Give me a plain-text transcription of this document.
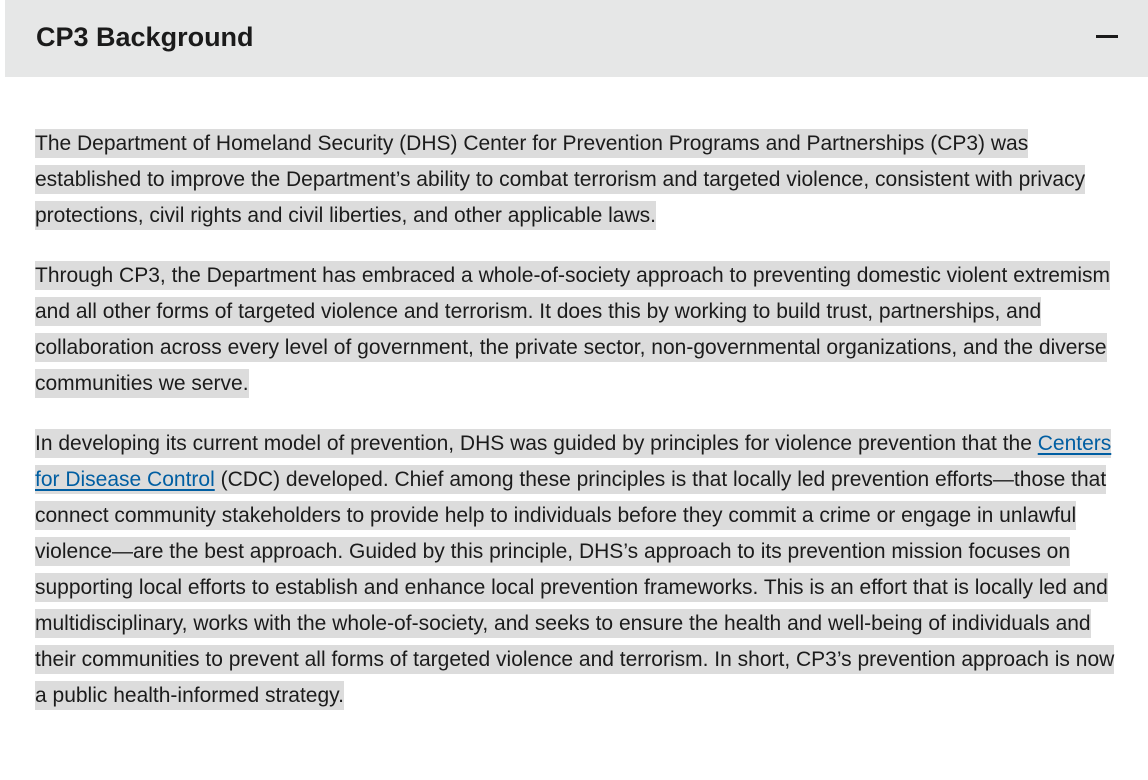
CP3 Background

The Department of Homeland Security (DHS) Center for Prevention Programs and Partnerships (CP3) was established to improve the Department’s ability to combat terrorism and targeted violence, consistent with privacy protections, civil rights and civil liberties, and other applicable laws.

Through CP3, the Department has embraced a whole-of-society approach to preventing domestic violent extremism and all other forms of targeted violence and terrorism. It does this by working to build trust, partnerships, and collaboration across every level of government, the private sector, non-governmental organizations, and the diverse communities we serve.

In developing its current model of prevention, DHS was guided by principles for violence prevention that the Centers for Disease Control (CDC) developed. Chief among these principles is that locally led prevention efforts—those that connect community stakeholders to provide help to individuals before they commit a crime or engage in unlawful violence—are the best approach. Guided by this principle, DHS’s approach to its prevention mission focuses on supporting local efforts to establish and enhance local prevention frameworks. This is an effort that is locally led and multidisciplinary, works with the whole-of-society, and seeks to ensure the health and well-being of individuals and their communities to prevent all forms of targeted violence and terrorism. In short, CP3’s prevention approach is now a public health-informed strategy.
